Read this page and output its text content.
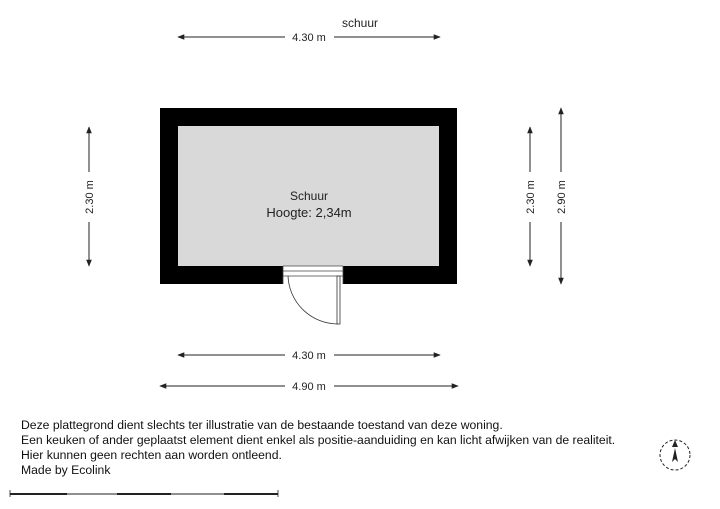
schuur
4.30 m
2.30 m	2.30 m 2.90 m
Schuur
Hoogte: 2,34m
4.30 m
4.90 m
Deze plattegrond dient slechts ter illustratie van de bestaande toestand van deze woning.
Een keuken of ander geplaatst element dient enkel als positie-aanduiding en kan licht afwijken van de realiteit.
Hier kunnen geen rechten aan worden ontleend.
Made by Ecolink
